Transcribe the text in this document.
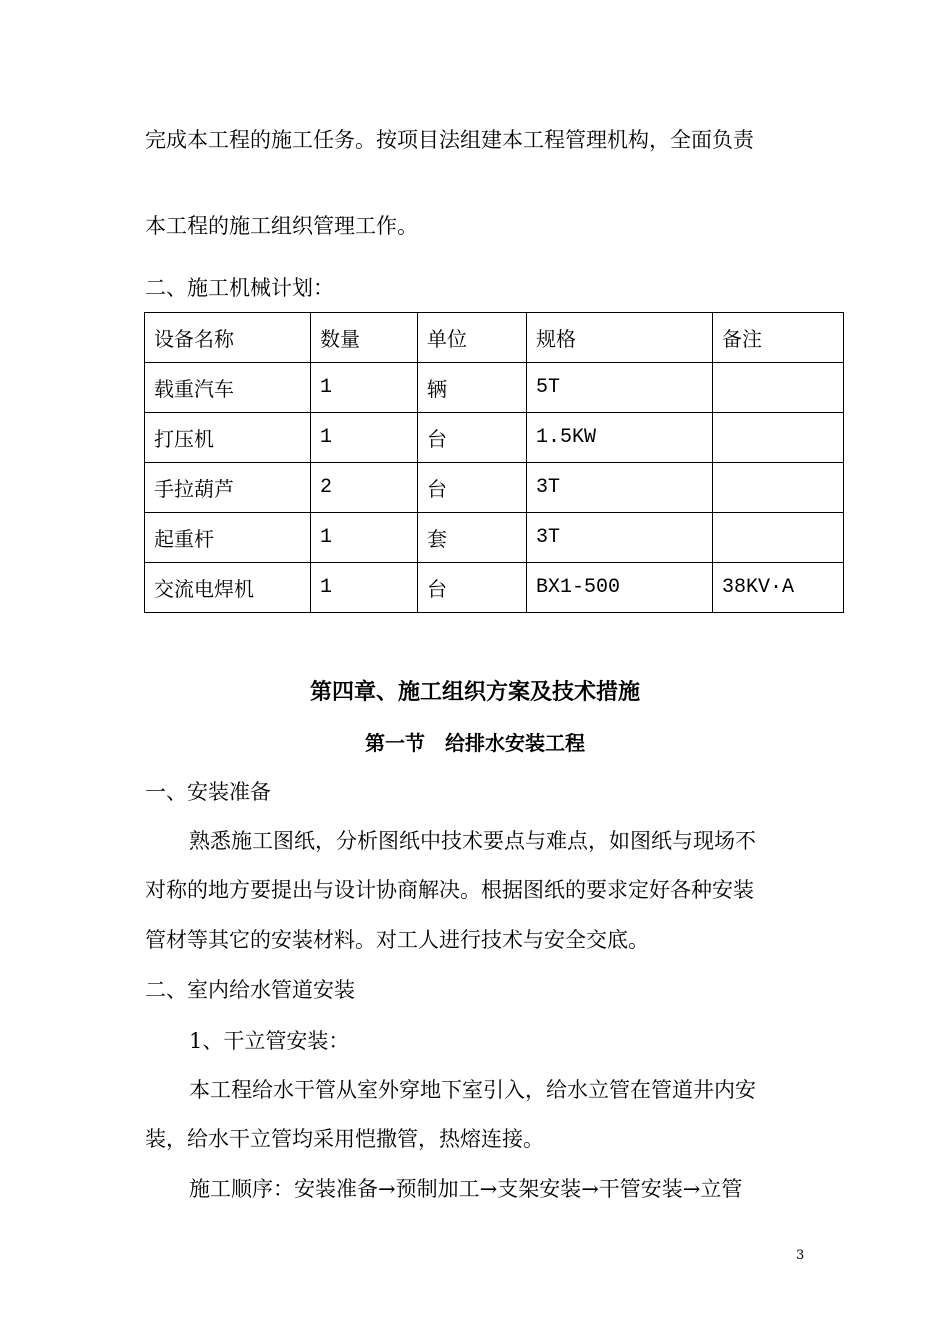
完成本工程的施工任务。按项目法组建本工程管理机构，全面负责
本工程的施工组织管理工作。
二、施工机械计划：
设备名称	数量	单位	规格	备注
载重汽车	1	辆	5T	
打压机	1	台	1.5KW	
手拉葫芦	2	台	3T	
起重杆	1	套	3T	
交流电焊机	1	台	BX1-500	38KV·A
第四章、施工组织方案及技术措施
第一节　给排水安装工程
一、安装准备
熟悉施工图纸，分析图纸中技术要点与难点，如图纸与现场不
对称的地方要提出与设计协商解决。根据图纸的要求定好各种安装
管材等其它的安装材料。对工人进行技术与安全交底。
二、室内给水管道安装
1、干立管安装：
本工程给水干管从室外穿地下室引入，给水立管在管道井内安
装，给水干立管均采用恺撒管，热熔连接。
施工顺序：安装准备→预制加工→支架安装→干管安装→立管
3
